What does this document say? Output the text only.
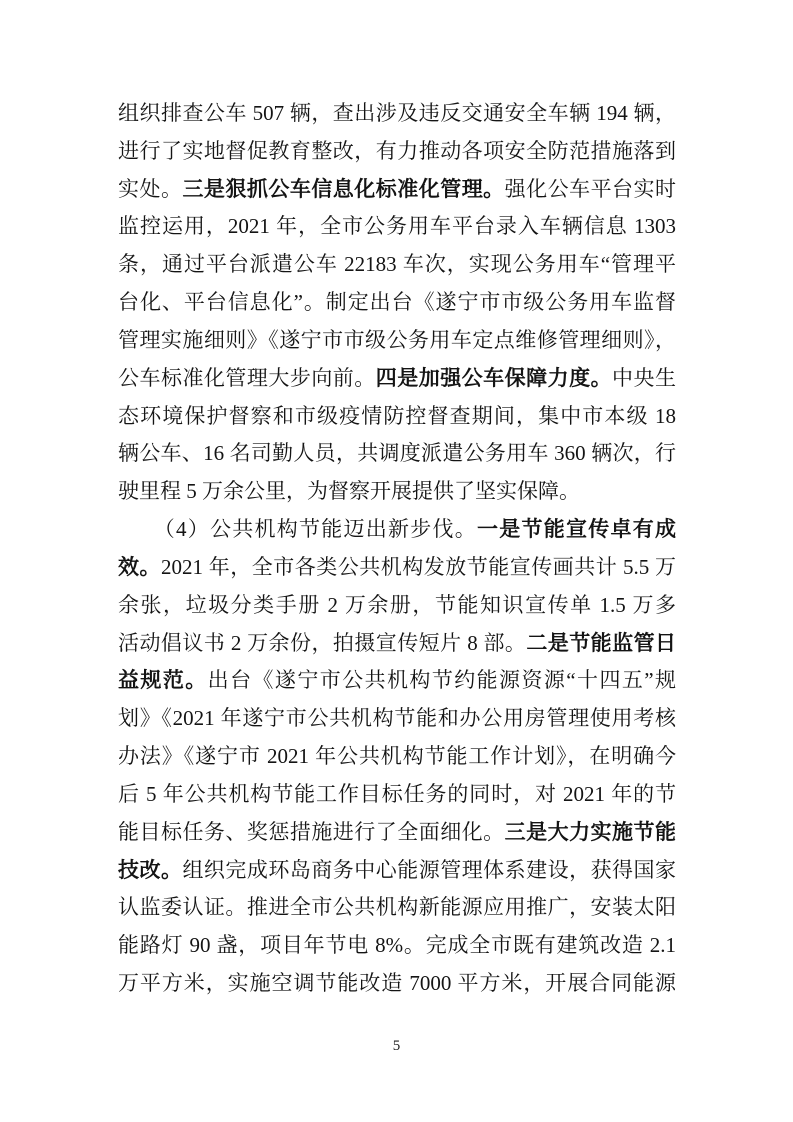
组织排查公车 507 辆，查出涉及违反交通安全车辆 194 辆，
进行了实地督促教育整改，有力推动各项安全防范措施落到
实处。三是狠抓公车信息化标准化管理。强化公车平台实时
监控运用，2021 年，全市公务用车平台录入车辆信息 1303
条，通过平台派遣公车 22183 车次，实现公务用车“管理平
台化、平台信息化”。制定出台《遂宁市市级公务用车监督
管理实施细则》《遂宁市市级公务用车定点维修管理细则》，
公车标准化管理大步向前。四是加强公车保障力度。中央生
态环境保护督察和市级疫情防控督查期间，集中市本级 18
辆公车、16 名司勤人员，共调度派遣公务用车 360 辆次，行
驶里程 5 万余公里，为督察开展提供了坚实保障。
（4）公共机构节能迈出新步伐。一是节能宣传卓有成
效。2021 年，全市各类公共机构发放节能宣传画共计 5.5 万
余张，垃圾分类手册 2 万余册，节能知识宣传单 1.5 万多
活动倡议书 2 万余份，拍摄宣传短片 8 部。二是节能监管日
益规范。出台《遂宁市公共机构节约能源资源“十四五”规
划》《2021 年遂宁市公共机构节能和办公用房管理使用考核
办法》《遂宁市 2021 年公共机构节能工作计划》，在明确今
后 5 年公共机构节能工作目标任务的同时，对 2021 年的节
能目标任务、奖惩措施进行了全面细化。三是大力实施节能
技改。组织完成环岛商务中心能源管理体系建设，获得国家
认监委认证。推进全市公共机构新能源应用推广，安装太阳
能路灯 90 盏，项目年节电 8%。完成全市既有建筑改造 2.1
万平方米，实施空调节能改造 7000 平方米，开展合同能源
5
